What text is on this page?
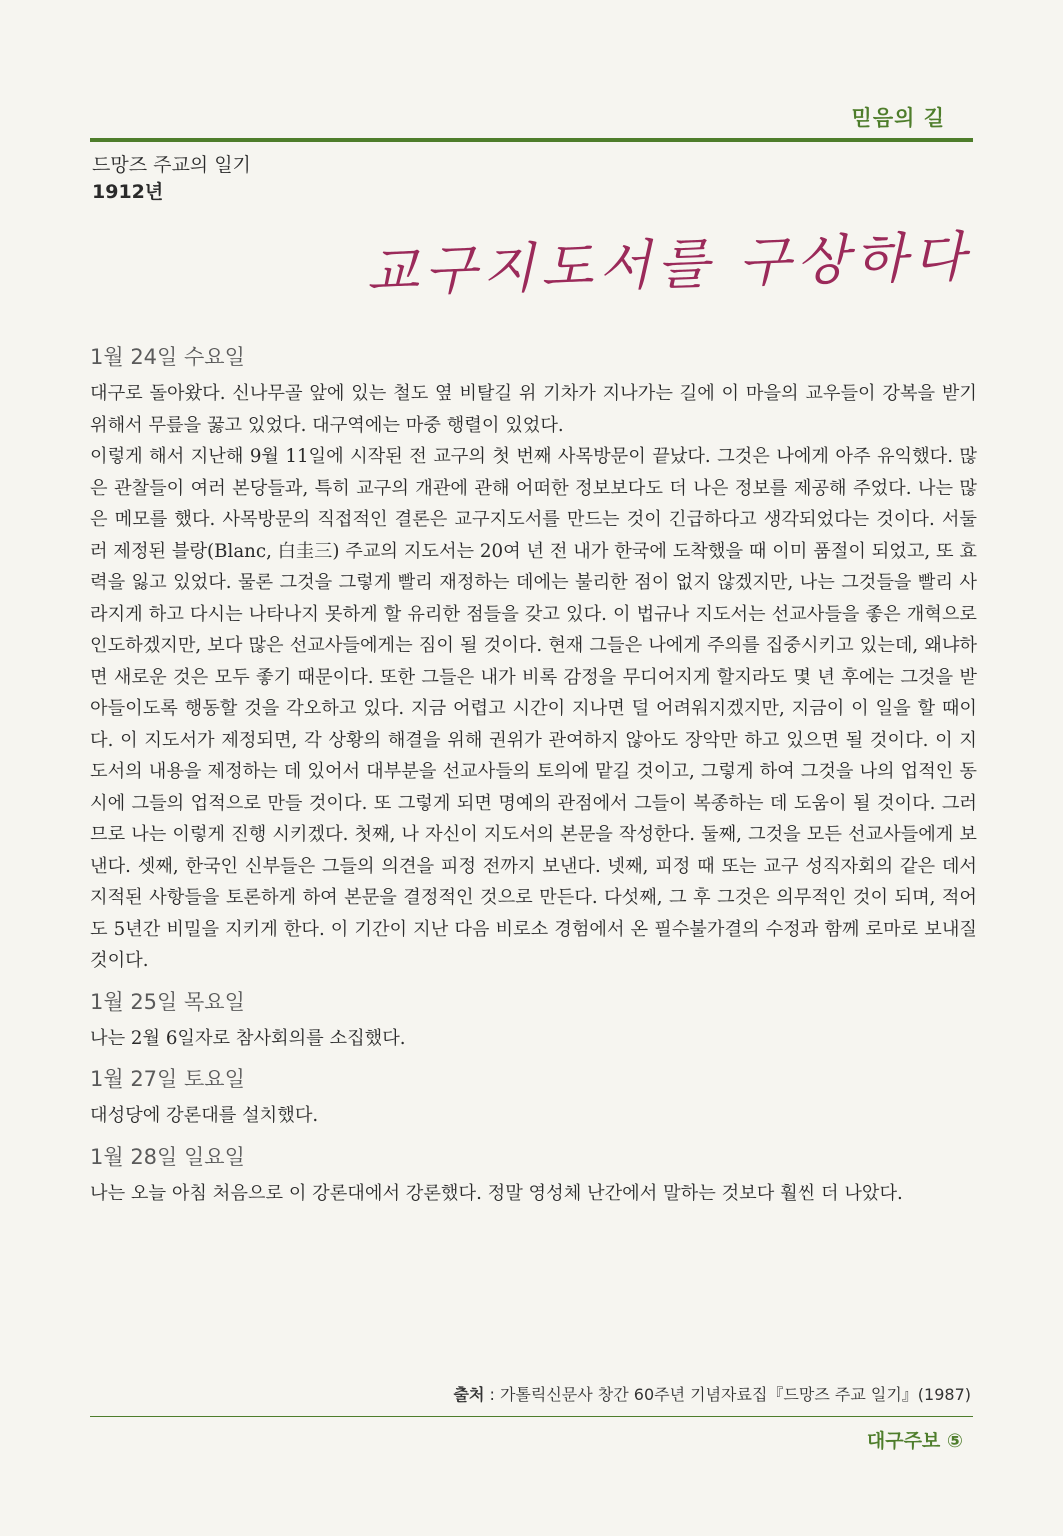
믿음의 길
드망즈 주교의 일기
1912년
교구지도서를 구상하다
1월 24일 수요일

대구로 돌아왔다. 신나무골 앞에 있는 철도 옆 비탈길 위 기차가 지나가는 길에 이 마을의 교우들이 강복을 받기 위해서 무릎을 꿇고 있었다. 대구역에는 마중 행렬이 있었다.

이렇게 해서 지난해 9월 11일에 시작된 전 교구의 첫 번째 사목방문이 끝났다. 그것은 나에게 아주 유익했다. 많은 관찰들이 여러 본당들과, 특히 교구의 개관에 관해 어떠한 정보보다도 더 나은 정보를 제공해 주었다. 나는 많은 메모를 했다. 사목방문의 직접적인 결론은 교구지도서를 만드는 것이 긴급하다고 생각되었다는 것이다. 서둘러 제정된 블랑(Blanc, 白圭三) 주교의 지도서는 20여 년 전 내가 한국에 도착했을 때 이미 품절이 되었고, 또 효력을 잃고 있었다. 물론 그것을 그렇게 빨리 재정하는 데에는 불리한 점이 없지 않겠지만, 나는 그것들을 빨리 사라지게 하고 다시는 나타나지 못하게 할 유리한 점들을 갖고 있다. 이 법규나 지도서는 선교사들을 좋은 개혁으로 인도하겠지만, 보다 많은 선교사들에게는 짐이 될 것이다. 현재 그들은 나에게 주의를 집중시키고 있는데, 왜냐하면 새로운 것은 모두 좋기 때문이다. 또한 그들은 내가 비록 감정을 무디어지게 할지라도 몇 년 후에는 그것을 받아들이도록 행동할 것을 각오하고 있다. 지금 어렵고 시간이 지나면 덜 어려워지겠지만, 지금이 이 일을 할 때이다. 이 지도서가 제정되면, 각 상황의 해결을 위해 권위가 관여하지 않아도 장악만 하고 있으면 될 것이다. 이 지도서의 내용을 제정하는 데 있어서 대부분을 선교사들의 토의에 맡길 것이고, 그렇게 하여 그것을 나의 업적인 동시에 그들의 업적으로 만들 것이다. 또 그렇게 되면 명예의 관점에서 그들이 복종하는 데 도움이 될 것이다. 그러므로 나는 이렇게 진행 시키겠다. 첫째, 나 자신이 지도서의 본문을 작성한다. 둘째, 그것을 모든 선교사들에게 보낸다. 셋째, 한국인 신부들은 그들의 의견을 피정 전까지 보낸다. 넷째, 피정 때 또는 교구 성직자회의 같은 데서 지적된 사항들을 토론하게 하여 본문을 결정적인 것으로 만든다. 다섯째, 그 후 그것은 의무적인 것이 되며, 적어도 5년간 비밀을 지키게 한다. 이 기간이 지난 다음 비로소 경험에서 온 필수불가결의 수정과 함께 로마로 보내질 것이다.

1월 25일 목요일

나는 2월 6일자로 참사회의를 소집했다.

1월 27일 토요일

대성당에 강론대를 설치했다.

1월 28일 일요일

나는 오늘 아침 처음으로 이 강론대에서 강론했다. 정말 영성체 난간에서 말하는 것보다 훨씬 더 나았다.

출처 : 가톨릭신문사 창간 60주년 기념자료집『드망즈 주교 일기』(1987)
대구주보 ⑤
